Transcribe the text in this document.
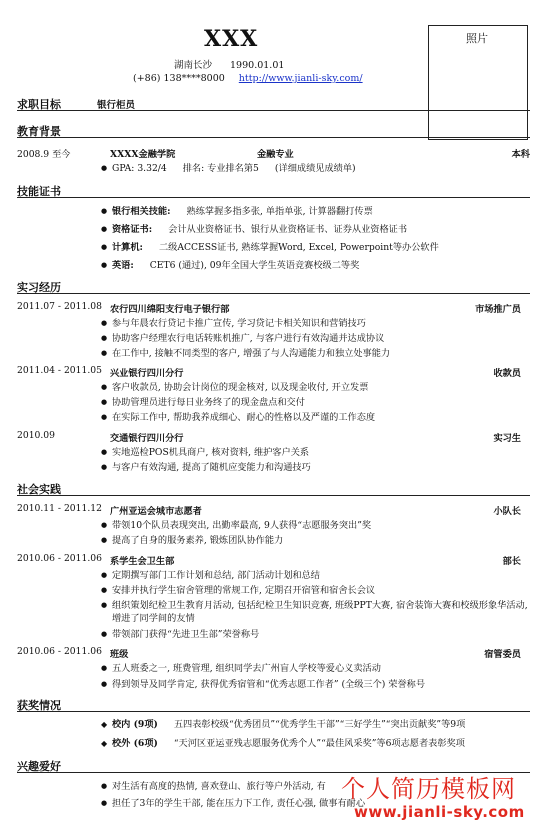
XXX
湖南长沙 1990.01.01
(+86) 138****8000 http://www.jianli-sky.com/
照片
求职目标	银行柜员
教育背景
2008.9 至今	XXXX金融学院	金融专业	本科
● GPA: 3.32/4 排名: 专业排名第5 (详细成绩见成绩单)
技能证书
● 银行相关技能: 熟练掌握多指多张, 单指单张, 计算器翻打传票
● 资格证书: 会计从业资格证书、银行从业资格证书、证券从业资格证书
● 计算机: 二级ACCESS证书, 熟练掌握Word, Excel, Powerpoint等办公软件
● 英语: CET6 (通过), 09年全国大学生英语竞赛校级二等奖
实习经历
2011.07 - 2011.08 农行四川绵阳支行电子银行部	市场推广员
● 参与年晨农行贷记卡推广宣传, 学习贷记卡相关知识和营销技巧
● 协助客户经理农行电话转账机推广, 与客户进行有效沟通并达成协议
● 在工作中, 接触不同类型的客户, 增强了与人沟通能力和独立处事能力
2011.04 - 2011.05 兴业银行四川分行	收款员
● 客户收款员, 协助会计岗位的现金核对, 以及现金收付, 开立发票
● 协助管理员进行每日业务终了的现金盘点和交付
● 在实际工作中, 帮助我养成细心、耐心的性格以及严谨的工作态度
2010.09	交通银行四川分行	实习生
● 实地巡检POS机具商户, 核对资料, 维护客户关系
● 与客户有效沟通, 提高了随机应变能力和沟通技巧
社会实践
2010.11 - 2011.12 广州亚运会城市志愿者	小队长
● 带领10个队员表现突出, 出勤率最高, 9人获得“志愿服务突出”奖
● 提高了自身的服务素养, 锻炼团队协作能力
2010.06 - 2011.06 系学生会卫生部	部长
● 定期撰写部门工作计划和总结, 部门活动计划和总结
● 安排并执行学生宿舍管理的常规工作, 定期召开宿管和宿舍长会议
● 组织策划纪检卫生教育月活动, 包括纪检卫生知识竞赛, 班级PPT大赛, 宿舍装饰大赛和校级形象华活动, 增进了同学间的友情
● 带领部门获得“先进卫生部”荣誉称号
2010.06 - 2011.06 班级	宿管委员
● 五人班委之一, 班费管理, 组织同学去广州盲人学校等爱心义卖活动
● 得到领导及同学肯定, 获得优秀宿管和“优秀志愿工作者” (全级三个) 荣誉称号
获奖情况
◆ 校内 (9项) 五四表彰校级“优秀团员”“优秀学生干部”“三好学生”“突出贡献奖”等9项
◆ 校外 (6项) “天河区亚运亚残志愿服务优秀个人”“最佳风采奖”等6项志愿者表彰奖项
兴趣爱好
● 对生活有高度的热情, 喜欢登山、旅行等户外活动, 有
● 担任了3年的学生干部, 能在压力下工作, 责任心强, 做事有耐心
个人简历模板网
www.jianli-sky.com
